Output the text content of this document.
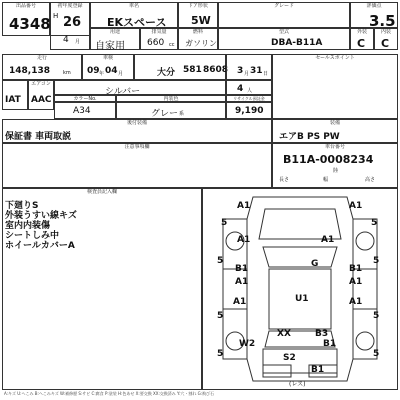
出品番号
4348
初年度登録
H 26
車名
EKスペース
ドア形状
5W
グレード	評価点
3.5
4 月
用途
自家用
排気量
660 cc
燃料
ガソリン
型式
DBA-B11A
外装
C
内装
C
走行
148,138	km
車検
09 年 04 月	大分 581 8608 3 月 31 日
セールスポイント
IAT
エアコン
AAC
シルバー	4 人
カラーNo.	内装色	リサイクル預託金
A34	グレー 系	9,190
後付装備
保証書 車両取説
装備
エアB PS PW
注意事項欄	車台番号
B11A-0008234
陸
長さ	幅	高さ
検査員記入欄
下廻りS
外装うすい線キズ
室内内装傷
シートしみ中
ホイールカバーA
A1	A1
5	5
A1	A1
5	5
G
B1	B1
A1	A1
U1
A1	A1
5	5
XX	B3
W2	B1
5	5
S2
B1
(レス)
A:キズ U:へこみ B:へこみキズ W:補修歴 S:サビ C:腐食 P:塗装 H:色あせ X:要交換 XX:交換済み Y:穴・割れ G:飛び石
